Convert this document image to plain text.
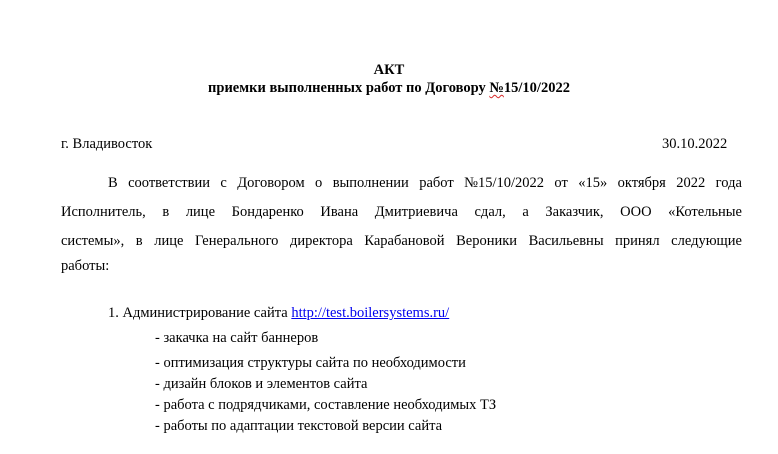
АКТ
приемки выполненных работ по Договору №15/10/2022
г. Владивосток	30.10.2022
В соответствии с Договором о выполнении работ №15/10/2022 от «15» октября 2022 года
Исполнитель, в лице Бондаренко Ивана Дмитриевича сдал, а Заказчик, ООО «Котельные
системы», в лице Генерального директора Карабановой Вероники Васильевны принял следующие
работы:
1. Администрирование сайта http://test.boilersystems.ru/
- закачка на сайт баннеров
- оптимизация структуры сайта по необходимости
- дизайн блоков и элементов сайта
- работа с подрядчиками, составление необходимых ТЗ
- работы по адаптации текстовой версии сайта
